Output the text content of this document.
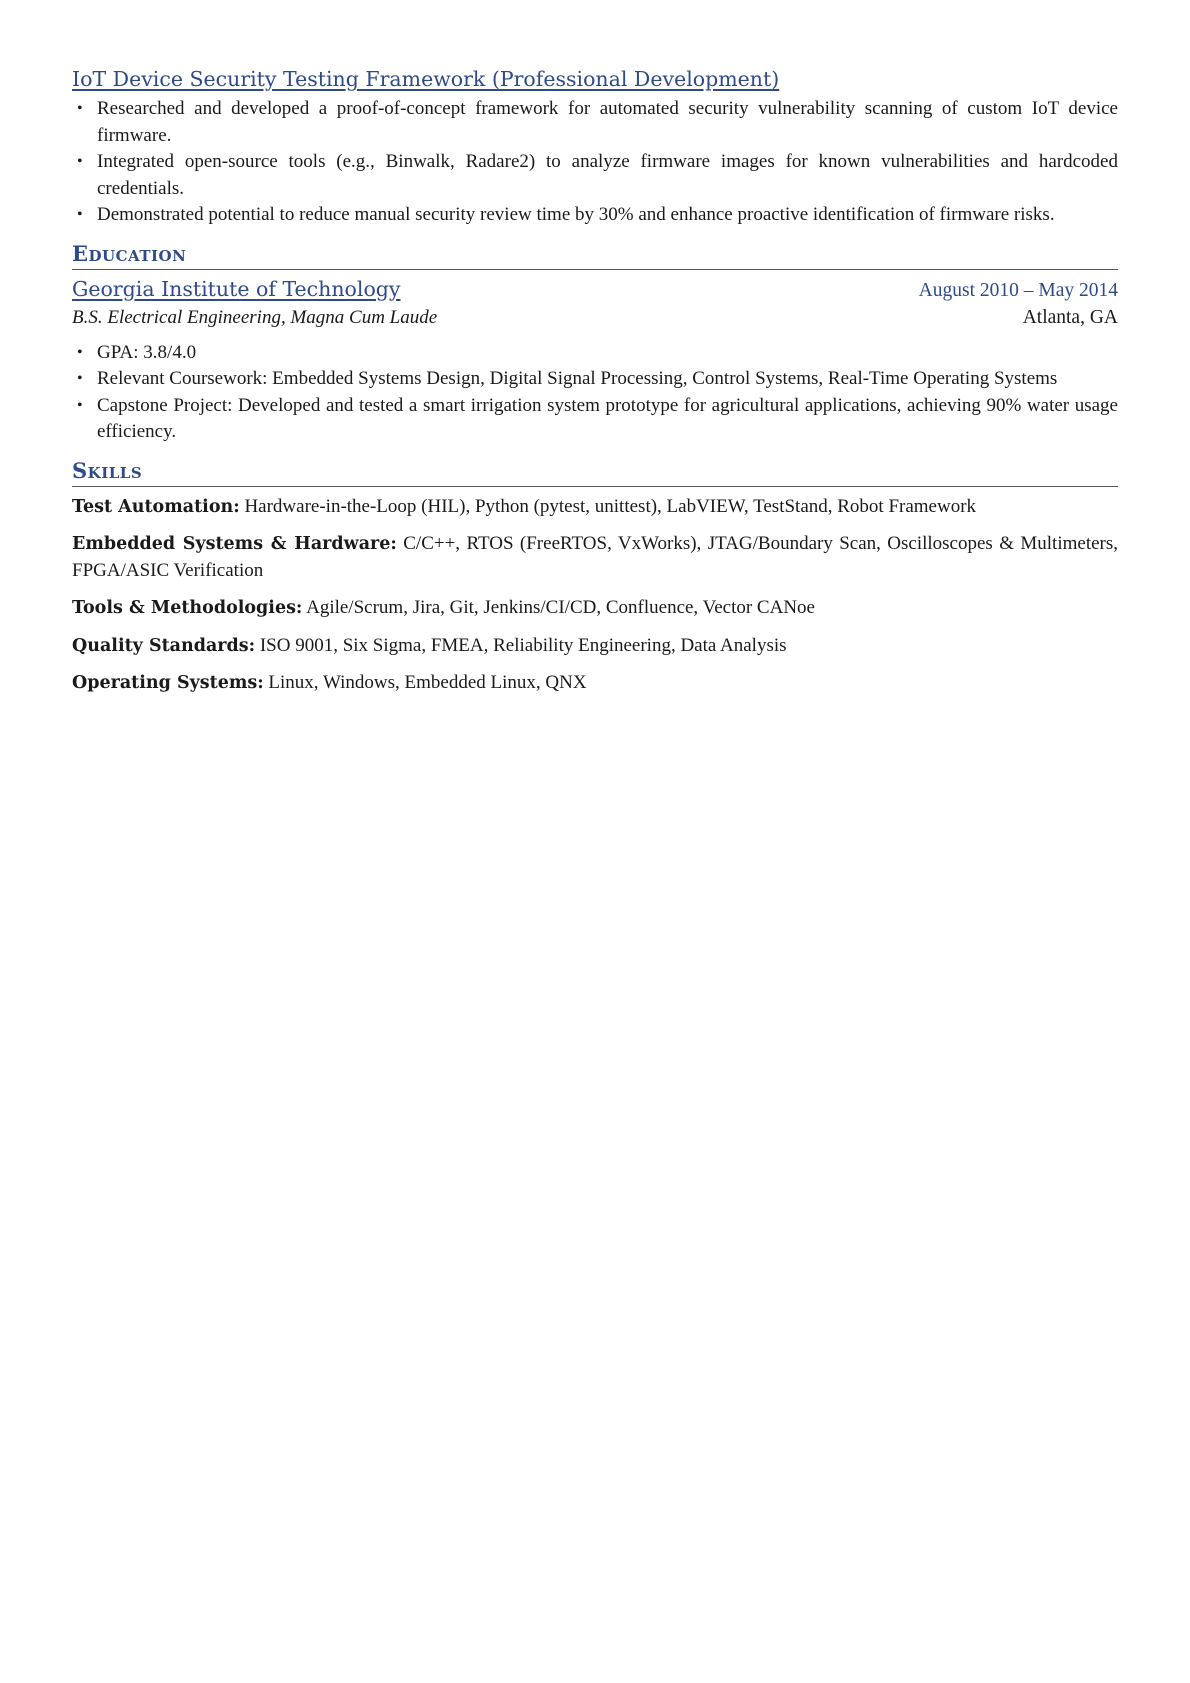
IoT Device Security Testing Framework (Professional Development)

• Researched and developed a proof-of-concept framework for automated security vulnerability scanning of custom IoT device firmware.
• Integrated open-source tools (e.g., Binwalk, Radare2) to analyze firmware images for known vulnerabilities and hardcoded credentials.
• Demonstrated potential to reduce manual security review time by 30% and enhance proactive identification of firmware risks.
Education
Georgia Institute of Technology	August 2010 – May 2014
B.S. Electrical Engineering, Magna Cum Laude	Atlanta, GA
• GPA: 3.8/4.0
• Relevant Coursework: Embedded Systems Design, Digital Signal Processing, Control Systems, Real-Time Operating Systems
• Capstone Project: Developed and tested a smart irrigation system prototype for agricultural applications, achieving 90% water usage efficiency.
Skills

Test Automation: Hardware-in-the-Loop (HIL), Python (pytest, unittest), LabVIEW, TestStand, Robot Framework

Embedded Systems & Hardware: C/C++, RTOS (FreeRTOS, VxWorks), JTAG/Boundary Scan, Oscilloscopes & Multimeters, FPGA/ASIC Verification

Tools & Methodologies: Agile/Scrum, Jira, Git, Jenkins/CI/CD, Confluence, Vector CANoe

Quality Standards: ISO 9001, Six Sigma, FMEA, Reliability Engineering, Data Analysis

Operating Systems: Linux, Windows, Embedded Linux, QNX
